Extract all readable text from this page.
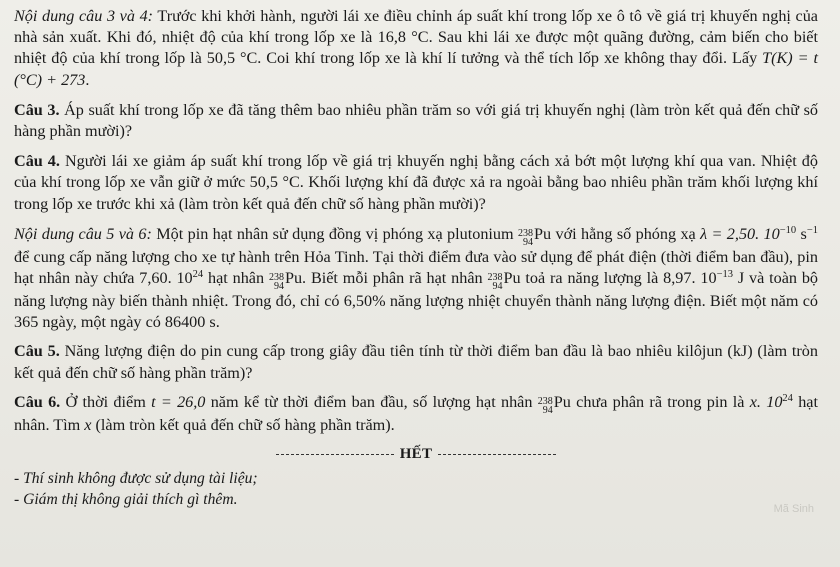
Nội dung câu 3 và 4: Trước khi khởi hành, người lái xe điều chỉnh áp suất khí trong lốp xe ô tô về giá trị khuyến nghị của nhà sản xuất. Khi đó, nhiệt độ của khí trong lốp xe là 16,8 °C. Sau khi lái xe được một quãng đường, cảm biến cho biết nhiệt độ của khí trong lốp là 50,5 °C. Coi khí trong lốp xe là khí lí tưởng và thể tích lốp xe không thay đổi. Lấy T(K) = t (°C) + 273.

Câu 3. Áp suất khí trong lốp xe đã tăng thêm bao nhiêu phần trăm so với giá trị khuyến nghị (làm tròn kết quả đến chữ số hàng phần mười)?

Câu 4. Người lái xe giảm áp suất khí trong lốp về giá trị khuyến nghị bằng cách xả bớt một lượng khí qua van. Nhiệt độ của khí trong lốp xe vẫn giữ ở mức 50,5 °C. Khối lượng khí đã được xả ra ngoài bằng bao nhiêu phần trăm khối lượng khí trong lốp xe trước khi xả (làm tròn kết quả đến chữ số hàng phần mười)?

Nội dung câu 5 và 6: Một pin hạt nhân sử dụng đồng vị phóng xạ plutonium 238
94 Pu với hằng số phóng xạ λ = 2,50. $10^{-10}$ $s^{-1}$ để cung cấp năng lượng cho xe tự hành trên Hỏa Tinh. Tại thời điểm đưa vào sử dụng để phát điện (thời điểm ban đầu), pin hạt nhân này chứa 7,60. $10^{24}$ hạt nhân 238
94 Pu. Biết mỗi phân rã hạt nhân 238
94 Pu toả ra năng lượng là 8,97. $10^{-13}$ J và toàn bộ năng lượng này biến thành nhiệt. Trong đó, chỉ có 6,50% năng lượng nhiệt chuyển thành năng lượng điện. Biết một năm có 365 ngày, một ngày có 86400 s.

Câu 5. Năng lượng điện do pin cung cấp trong giây đầu tiên tính từ thời điểm ban đầu là bao nhiêu kilôjun (kJ) (làm tròn kết quả đến chữ số hàng phần trăm)?

Câu 6. Ở thời điểm t = 26,0 năm kể từ thời điểm ban đầu, số lượng hạt nhân 238
94 Pu chưa phân rã trong pin là x. $10^{24}$ hạt nhân. Tìm x (làm tròn kết quả đến chữ số hàng phần trăm).

HẾT

- Thí sinh không được sử dụng tài liệu;

- Giám thị không giải thích gì thêm.

Mã Sinh
